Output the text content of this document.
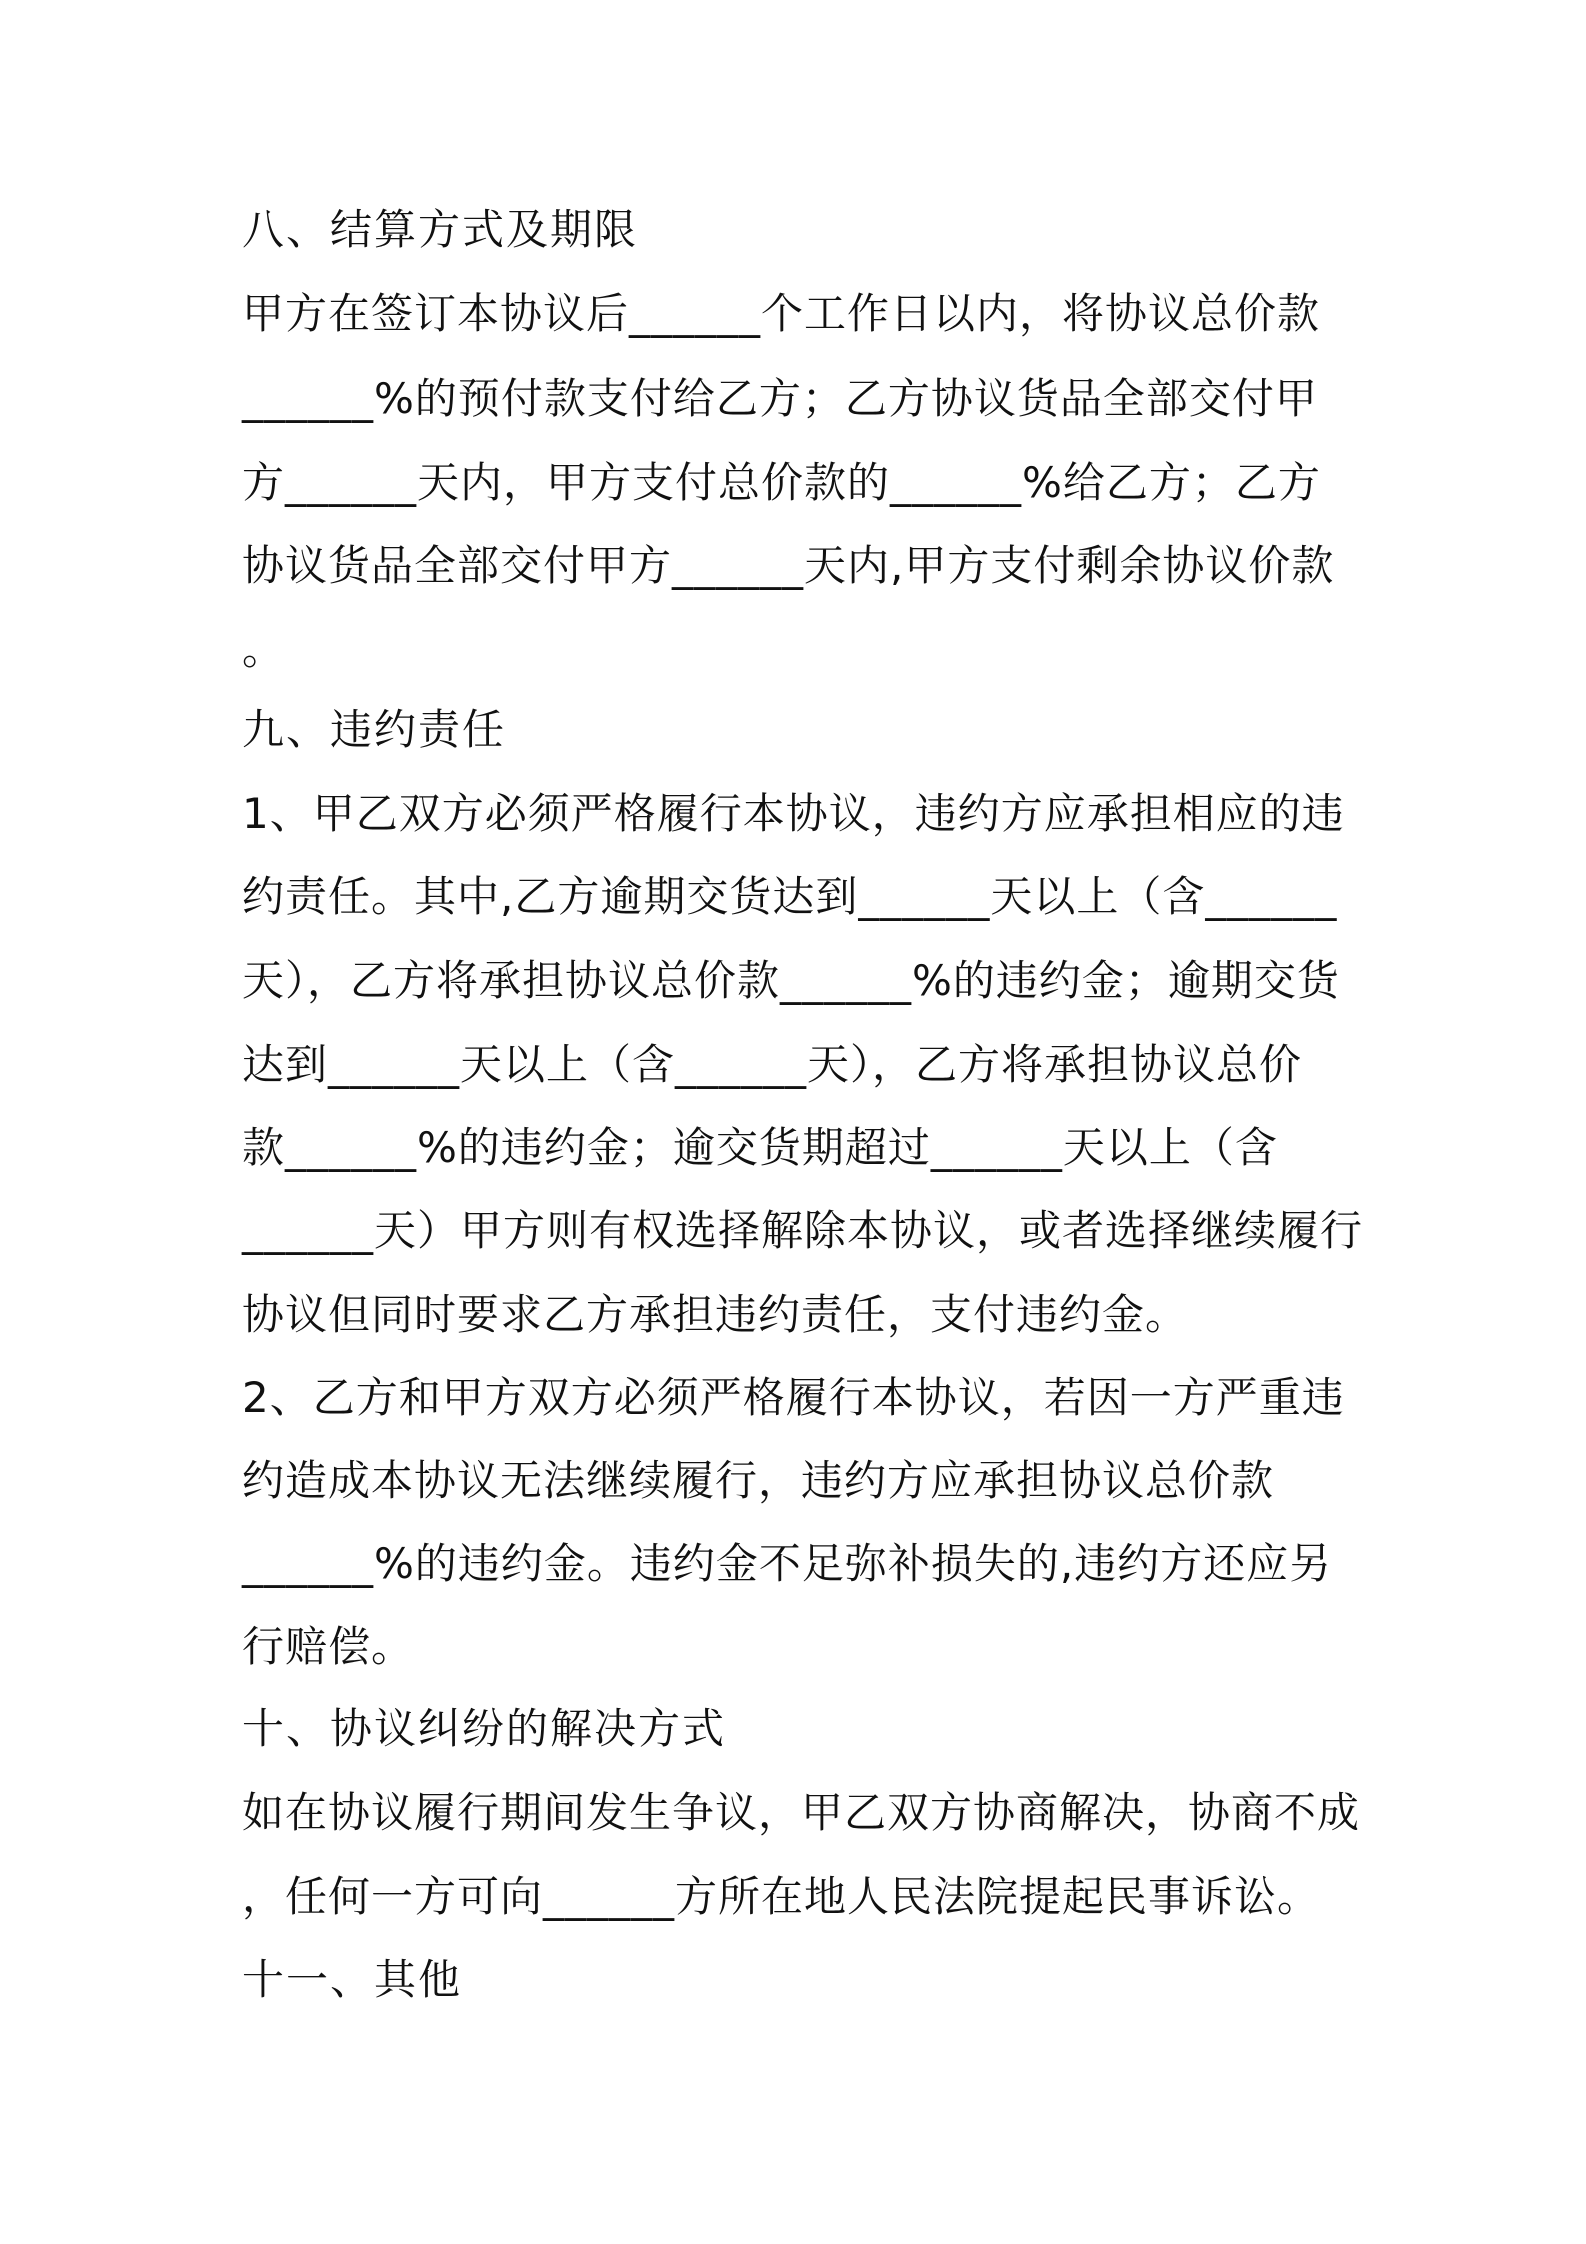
八、结算方式及期限
甲方在签订本协议后______个工作日以内，将协议总价款
______%的预付款支付给乙方；乙方协议货品全部交付甲
方______天内，甲方支付总价款的______%给乙方；乙方
协议货品全部交付甲方______天内,甲方支付剩余协议价款
。
九、违约责任
1、甲乙双方必须严格履行本协议，违约方应承担相应的违
约责任。其中,乙方逾期交货达到______天以上（含______
天），乙方将承担协议总价款______%的违约金；逾期交货
达到______天以上（含______天），乙方将承担协议总价
款______%的违约金；逾交货期超过______天以上（含
______天）甲方则有权选择解除本协议，或者选择继续履行
协议但同时要求乙方承担违约责任，支付违约金。
2、乙方和甲方双方必须严格履行本协议，若因一方严重违
约造成本协议无法继续履行，违约方应承担协议总价款
______%的违约金。违约金不足弥补损失的,违约方还应另
行赔偿。
十、协议纠纷的解决方式
如在协议履行期间发生争议，甲乙双方协商解决，协商不成
，任何一方可向______方所在地人民法院提起民事诉讼。
十一、其他
